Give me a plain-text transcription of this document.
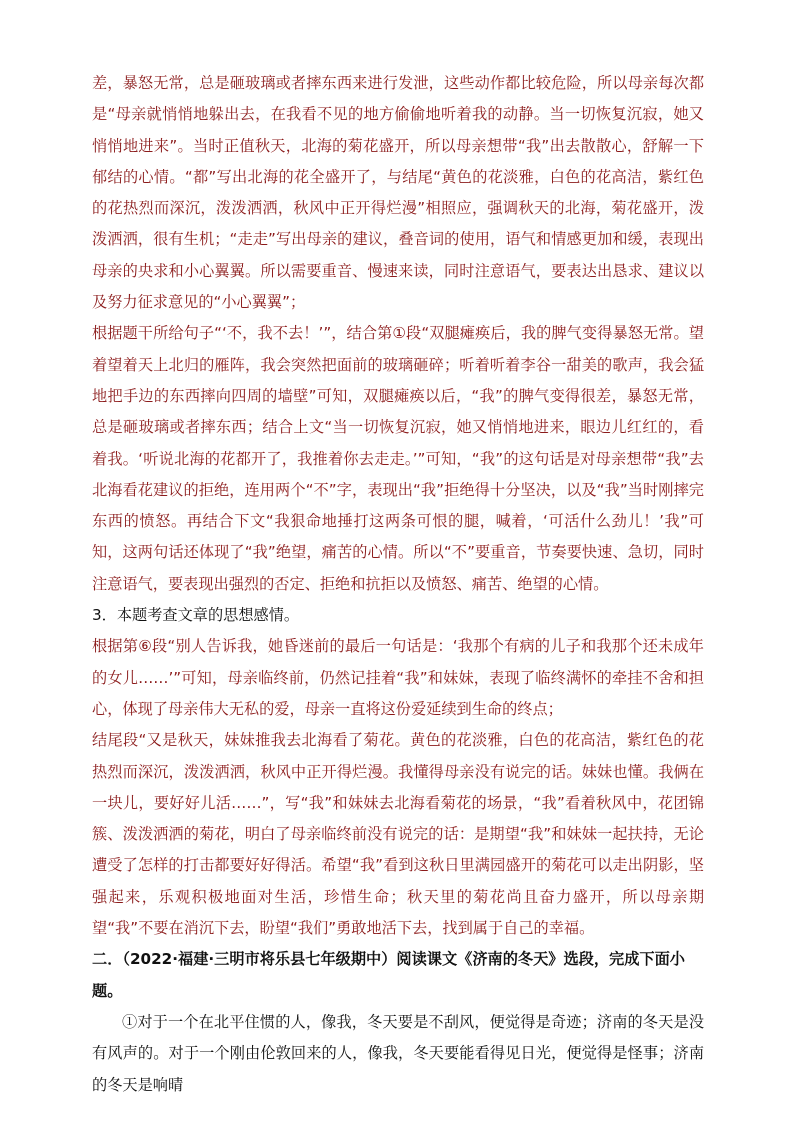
差，暴怒无常，总是砸玻璃或者摔东西来进行发泄，这些动作都比较危险，所以母亲每次都是“母亲就悄悄地躲出去，在我看不见的地方偷偷地听着我的动静。当一切恢复沉寂，她又悄悄地进来”。当时正值秋天，北海的菊花盛开，所以母亲想带“我”出去散散心，舒解一下郁结的心情。“都”写出北海的花全盛开了，与结尾“黄色的花淡雅，白色的花高洁，紫红色的花热烈而深沉，泼泼洒洒，秋风中正开得烂漫”相照应，强调秋天的北海，菊花盛开，泼泼洒洒，很有生机；“走走”写出母亲的建议，叠音词的使用，语气和情感更加和缓，表现出母亲的央求和小心翼翼。所以需要重音、慢速来读，同时注意语气，要表达出恳求、建议以及努力征求意见的“小心翼翼”；

根据题干所给句子“‘不，我不去！’”，结合第①段“双腿瘫痪后，我的脾气变得暴怒无常。望着望着天上北归的雁阵，我会突然把面前的玻璃砸碎；听着听着李谷一甜美的歌声，我会猛地把手边的东西摔向四周的墙壁”可知，双腿瘫痪以后，“我”的脾气变得很差，暴怒无常，总是砸玻璃或者摔东西；结合上文“当一切恢复沉寂，她又悄悄地进来，眼边儿红红的，看着我。‘听说北海的花都开了，我推着你去走走。’”可知，“我”的这句话是对母亲想带“我”去北海看花建议的拒绝，连用两个“不”字，表现出“我”拒绝得十分坚决，以及“我”当时刚摔完东西的愤怒。再结合下文“我狠命地捶打这两条可恨的腿，喊着，‘可活什么劲儿！’我”可知，这两句话还体现了“我”绝望，痛苦的心情。所以“不”要重音，节奏要快速、急切，同时注意语气，要表现出强烈的否定、拒绝和抗拒以及愤怒、痛苦、绝望的心情。

3．本题考查文章的思想感情。

根据第⑥段“别人告诉我，她昏迷前的最后一句话是：‘我那个有病的儿子和我那个还未成年的女儿……’”可知，母亲临终前，仍然记挂着“我”和妹妹，表现了临终满怀的牵挂不舍和担心，体现了母亲伟大无私的爱，母亲一直将这份爱延续到生命的终点；

结尾段“又是秋天，妹妹推我去北海看了菊花。黄色的花淡雅，白色的花高洁，紫红色的花热烈而深沉，泼泼洒洒，秋风中正开得烂漫。我懂得母亲没有说完的话。妹妹也懂。我俩在一块儿，要好好儿活……”，写“我”和妹妹去北海看菊花的场景，“我”看着秋风中，花团锦簇、泼泼洒洒的菊花，明白了母亲临终前没有说完的话：是期望“我”和妹妹一起扶持，无论遭受了怎样的打击都要好好得活。希望“我”看到这秋日里满园盛开的菊花可以走出阴影，坚强起来，乐观积极地面对生活，珍惜生命；秋天里的菊花尚且奋力盛开，所以母亲期望“我”不要在消沉下去，盼望“我们”勇敢地活下去，找到属于自己的幸福。

二．（2022·福建·三明市将乐县七年级期中）阅读课文《济南的冬天》选段，完成下面小题。

①对于一个在北平住惯的人，像我，冬天要是不刮风，便觉得是奇迹；济南的冬天是没有风声的。对于一个刚由伦敦回来的人，像我，冬天要能看得见日光，便觉得是怪事；济南的冬天是响晴
